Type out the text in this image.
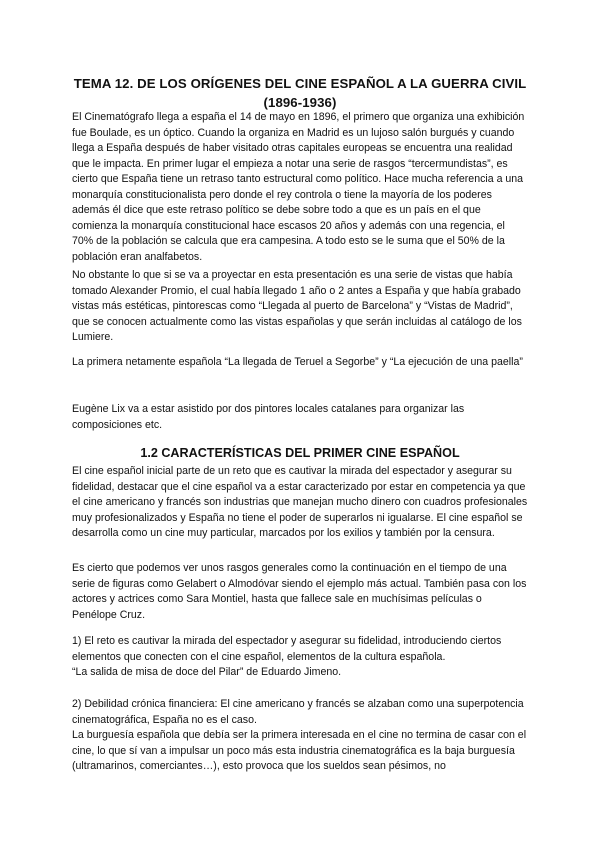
TEMA 12. DE LOS ORÍGENES DEL CINE ESPAÑOL A LA GUERRA CIVIL (1896-1936)

El Cinematógrafo llega a españa el 14 de mayo en 1896, el primero que organiza una exhibición fue Boulade, es un óptico. Cuando la organiza en Madrid es un lujoso salón burgués y cuando llega a España después de haber visitado otras capitales europeas se encuentra una realidad que le impacta. En primer lugar el empieza a notar una serie de rasgos “tercermundistas”, es cierto que España tiene un retraso tanto estructural como político. Hace mucha referencia a una monarquía constitucionalista pero donde el rey controla o tiene la mayoría de los poderes además él dice que este retraso político se debe sobre todo a que es un país en el que comienza la monarquía constitucional hace escasos 20 años y además con una regencia, el 70% de la población se calcula que era campesina. A todo esto se le suma que el 50% de la población eran analfabetos.

No obstante lo que si se va a proyectar en esta presentación es una serie de vistas que había tomado Alexander Promio, el cual había llegado 1 año o 2 antes a España y que había grabado vistas más estéticas, pintorescas como “Llegada al puerto de Barcelona” y “Vistas de Madrid”, que se conocen actualmente como las vistas españolas y que serán incluidas al catálogo de los Lumiere.

La primera netamente española “La llegada de Teruel a Segorbe” y “La ejecución de una paella”

Eugène Lix va a estar asistido por dos pintores locales catalanes para organizar las composiciones etc.

1.2 CARACTERÍSTICAS DEL PRIMER CINE ESPAÑOL

El cine español inicial parte de un reto que es cautivar la mirada del espectador y asegurar su fidelidad, destacar que el cine español va a estar caracterizado por estar en competencia ya que el cine americano y francés son industrias que manejan mucho dinero con cuadros profesionales muy profesionalizados y España no tiene el poder de superarlos ni igualarse. El cine español se desarrolla como un cine muy particular, marcados por los exilios y también por la censura.

Es cierto que podemos ver unos rasgos generales como la continuación en el tiempo de una serie de figuras como Gelabert o Almodóvar siendo el ejemplo más actual. También pasa con los actores y actrices como Sara Montiel, hasta que fallece sale en muchísimas películas o Penélope Cruz.

1) El reto es cautivar la mirada del espectador y asegurar su fidelidad, introduciendo ciertos elementos que conecten con el cine español, elementos de la cultura española.

“La salida de misa de doce del Pilar” de Eduardo Jimeno.

2) Debilidad crónica financiera: El cine americano y francés se alzaban como una superpotencia cinematográfica, España no es el caso.

La burguesía española que debía ser la primera interesada en el cine no termina de casar con el cine, lo que sí van a impulsar un poco más esta industria cinematográfica es la baja burguesía (ultramarinos, comerciantes…), esto provoca que los sueldos sean pésimos, no
